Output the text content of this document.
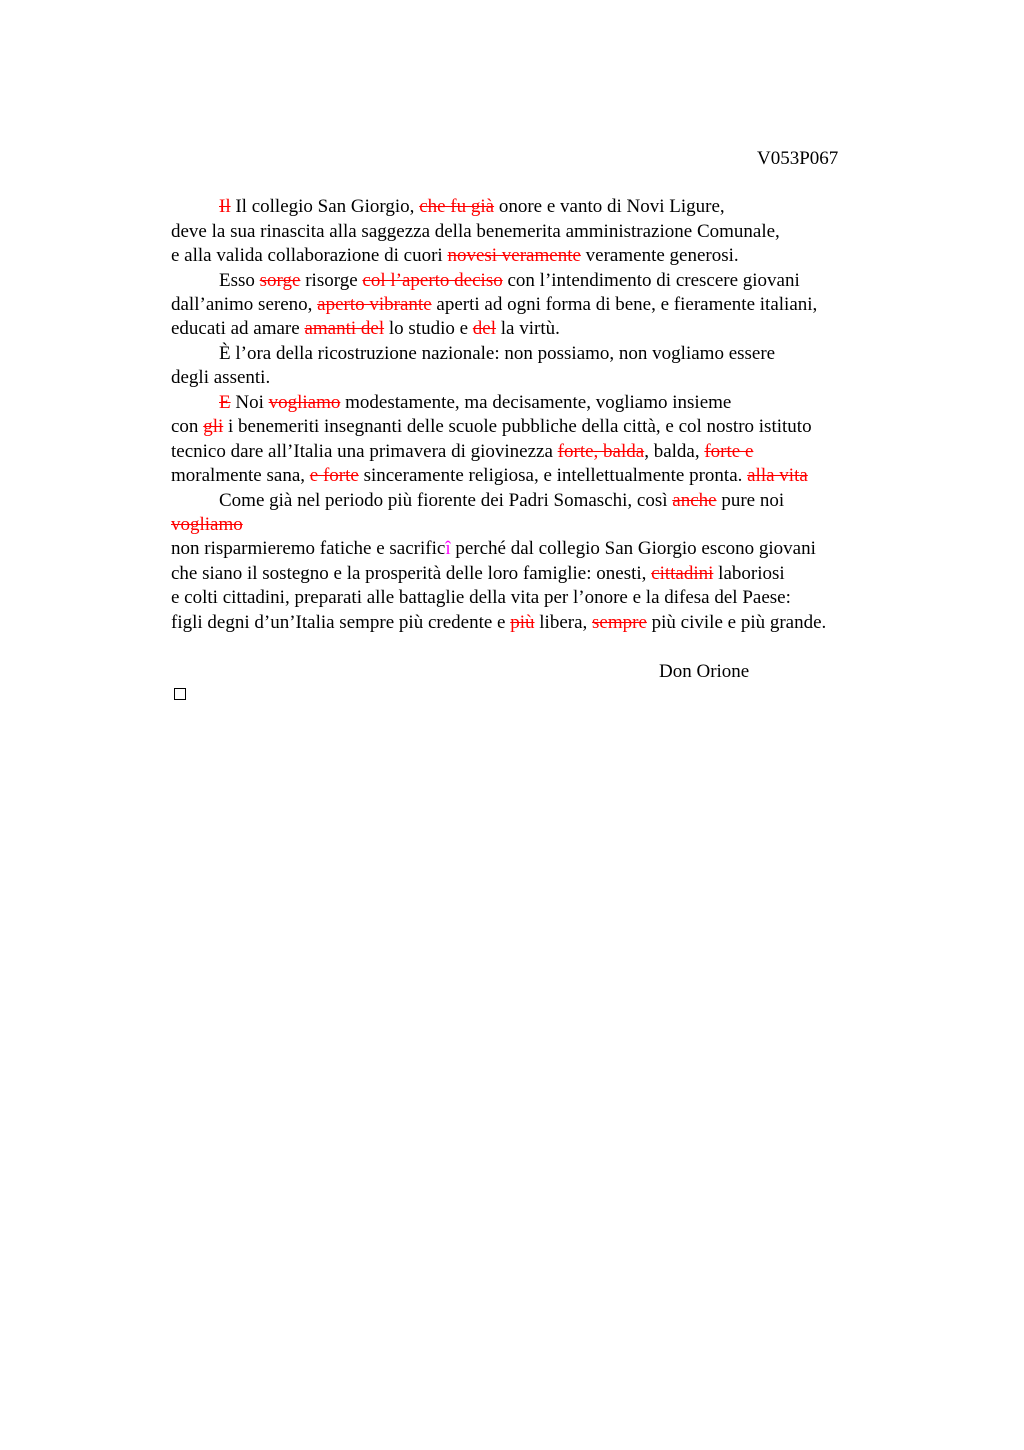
V053P067
Il Il collegio San Giorgio, che fu già onore e vanto di Novi Ligure,
deve la sua rinascita alla saggezza della benemerita amministrazione Comunale,
e alla valida collaborazione di cuori novesi veramente veramente generosi.
Esso sorge risorge col l’aperto deciso con l’intendimento di crescere giovani
dall’animo sereno, aperto vibrante aperti ad ogni forma di bene, e fieramente italiani,
educati ad amare amanti del lo studio e del la virtù.
È l’ora della ricostruzione nazionale: non possiamo, non vogliamo essere
degli assenti.
E Noi vogliamo modestamente, ma decisamente, vogliamo insieme
con gli i benemeriti insegnanti delle scuole pubbliche della città, e col nostro istituto
tecnico dare all’Italia una primavera di giovinezza forte, balda, balda, forte e
moralmente sana, e forte sinceramente religiosa, e intellettualmente pronta. alla vita
Come già nel periodo più fiorente dei Padri Somaschi, così anche pure noi
vogliamo
non risparmieremo fatiche e sacrificî perché dal collegio San Giorgio escono giovani
che siano il sostegno e la prosperità delle loro famiglie: onesti, cittadini laboriosi
e colti cittadini, preparati alle battaglie della vita per l’onore e la difesa del Paese:
figli degni d’un’Italia sempre più credente e più libera, sempre più civile e più grande.
Don Orione
